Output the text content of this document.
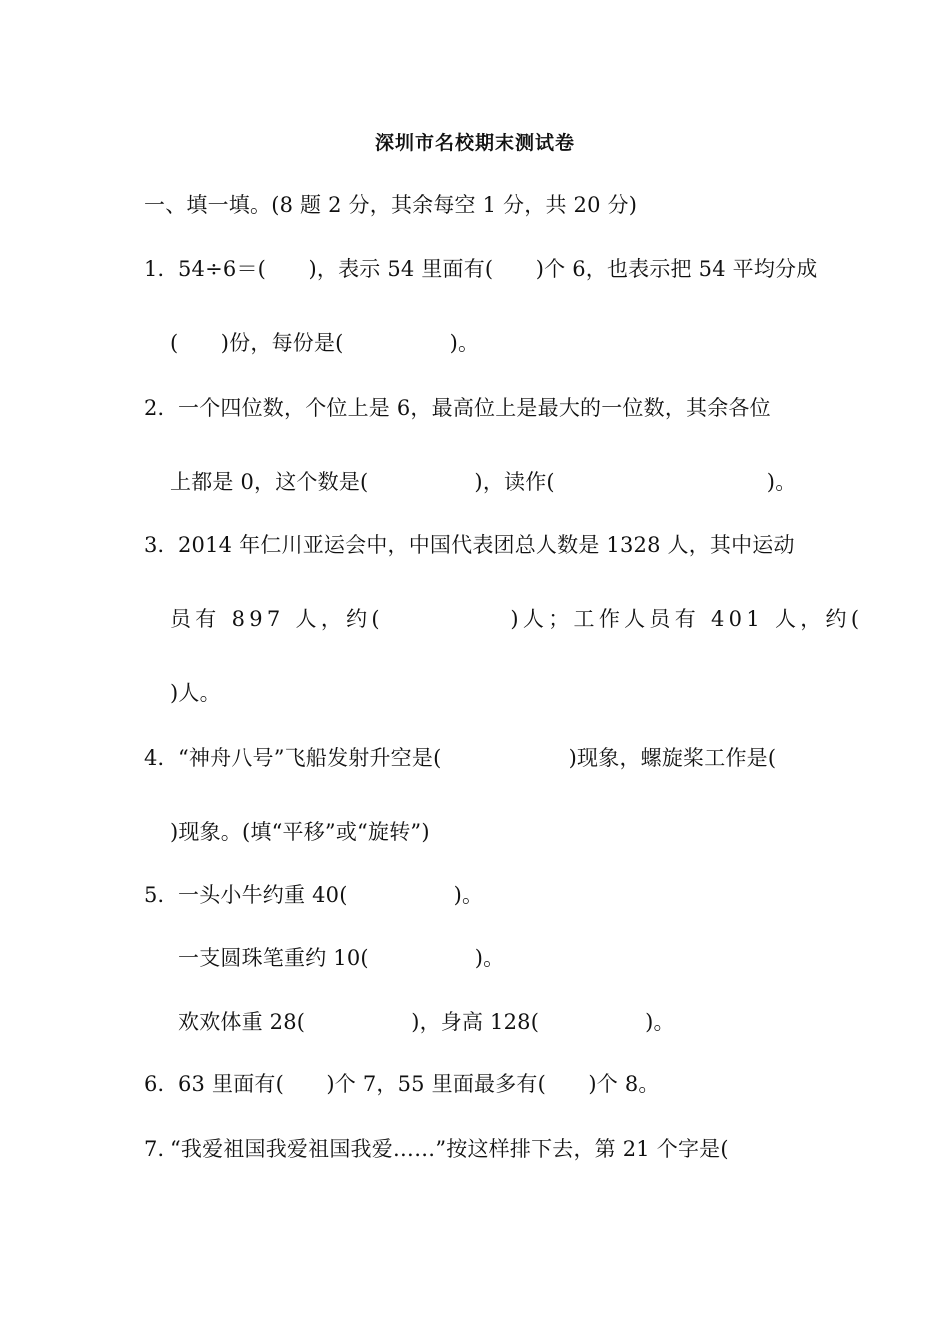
深圳市名校期末测试卷
一、填一填。(8 题 2 分，其余每空 1 分，共 20 分)
1． 54÷6＝(　　)，表示 54 里面有(　　)个 6，也表示把 54 平均分成
(　　)份，每份是(　　　　　)。
2． 一个四位数，个位上是 6，最高位上是最大的一位数，其余各位
上都是 0，这个数是(　　　　　)，读作(　　　　　　　　　　)。
3． 2014 年仁川亚运会中，中国代表团总人数是 1328 人，其中运动
员有 897 人，约(　　　　　)人；工作人员有 401 人，约(
)人。
4． “神舟八号”飞船发射升空是(　　　　　　)现象，螺旋桨工作是(
)现象。(填“平移”或“旋转”)
5． 一头小牛约重 40(　　　　　)。
一支圆珠笔重约 10(　　　　　)。
欢欢体重 28(　　　　　)，身高 128(　　　　　)。
6． 63 里面有(　　)个 7，55 里面最多有(　　)个 8。
7．
“我爱祖国我爱祖国我爱……”按这样排下去，第 21 个字是(
